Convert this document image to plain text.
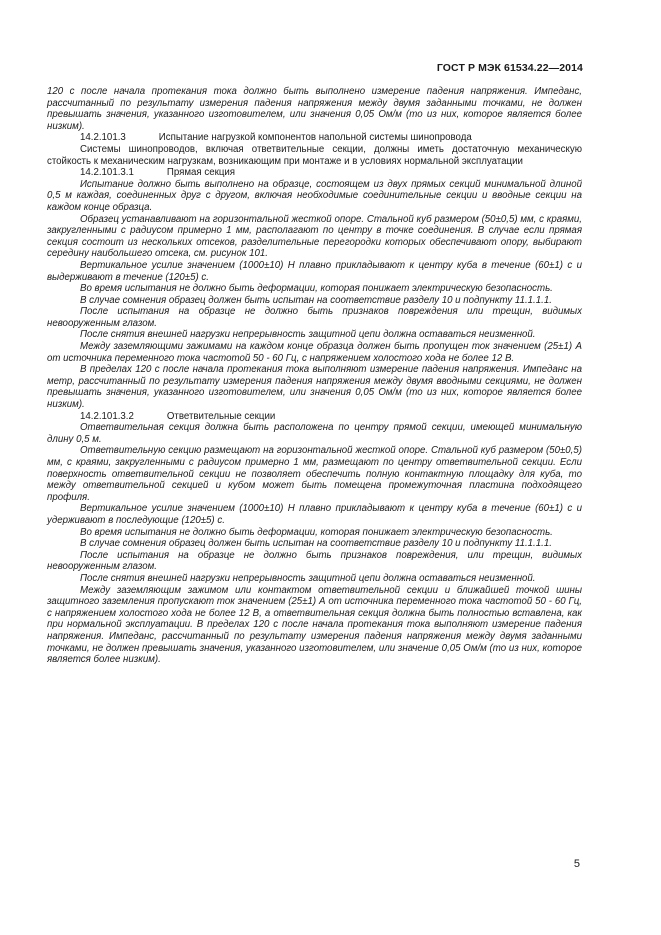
ГОСТ Р МЭК 61534.22—2014

120 с после начала протекания тока должно быть выполнено измерение падения напряжения. Импеданс, рассчитанный по результату измерения падения напряжения между двумя заданными точками, не должен превышать значения, указанного изготовителем, или значения 0,05 Ом/м (то из них, которое является более низким).

14.2.101.3	Испытание нагрузкой компонентов напольной системы шинопровода

Системы шинопроводов, включая ответвительные секции, должны иметь достаточную механическую стойкость к механическим нагрузкам, возникающим при монтаже и в условиях нормальной эксплуатации

14.2.101.3.1	Прямая секция

Испытание должно быть выполнено на образце, состоящем из двух прямых секций минимальной длиной 0,5 м каждая, соединенных друг с другом, включая необходимые соединительные секции и вводные секции на каждом конце образца.

Образец устанавливают на горизонтальной жесткой опоре. Стальной куб размером (50±0,5) мм, с краями, закругленными с радиусом примерно 1 мм, располагают по центру в точке соединения. В случае если прямая секция состоит из нескольких отсеков, разделительные перегородки которых обеспечивают опору, выбирают середину наибольшего отсека, см. рисунок 101.

Вертикальное усилие значением (1000±10) Н плавно прикладывают к центру куба в течение (60±1) с и выдерживают в течение (120±5) с.

Во время испытания не должно быть деформации, которая понижает электрическую безопасность.

В случае сомнения образец должен быть испытан на соответствие разделу 10 и подпункту 11.1.1.1.

После испытания на образце не должно быть признаков повреждения или трещин, видимых невооруженным глазом.

После снятия внешней нагрузки непрерывность защитной цепи должна оставаться неизменной.

Между заземляющими зажимами на каждом конце образца должен быть пропущен ток значением (25±1) А от источника переменного тока частотой 50 - 60 Гц, с напряжением холостого хода не более 12 В.

В пределах 120 с после начала протекания тока выполняют измерение падения напряжения. Импеданс на метр, рассчитанный по результату измерения падения напряжения между двумя вводными секциями, не должен превышать значения, указанного изготовителем, или значения 0,05 Ом/м (то из них, которое является более низким).

14.2.101.3.2	Ответвительные секции

Ответвительная секция должна быть расположена по центру прямой секции, имеющей минимальную длину 0,5 м.

Ответвительную секцию размещают на горизонтальной жесткой опоре. Стальной куб размером (50±0,5) мм, с краями, закругленными с радиусом примерно 1 мм, размещают по центру ответвительной секции. Если поверхность ответвительной секции не позволяет обеспечить полную контактную площадку для куба, то между ответвительной секцией и кубом может быть помещена промежуточная пластина подходящего профиля.

Вертикальное усилие значением (1000±10) Н плавно прикладывают к центру куба в течение (60±1) с и удерживают в последующие (120±5) с.

Во время испытания не должно быть деформации, которая понижает электрическую безопасность.

В случае сомнения образец должен быть испытан на соответствие разделу 10 и подпункту 11.1.1.1.

После испытания на образце не должно быть признаков повреждения, или трещин, видимых невооруженным глазом.

После снятия внешней нагрузки непрерывность защитной цепи должна оставаться неизменной.

Между заземляющим зажимом или контактом ответвительной секции и ближайшей точкой шины защитного заземления пропускают ток значением (25±1) А от источника переменного тока частотой 50 - 60 Гц, с напряжением холостого хода не более 12 В, а ответвительная секция должна быть полностью вставлена, как при нормальной эксплуатации. В пределах 120 с после начала протекания тока выполняют измерение падения напряжения. Импеданс, рассчитанный по результату измерения падения напряжения между двумя заданными точками, не должен превышать значения, указанного изготовителем, или значение 0,05 Ом/м (то из них, которое является более низким).

5
